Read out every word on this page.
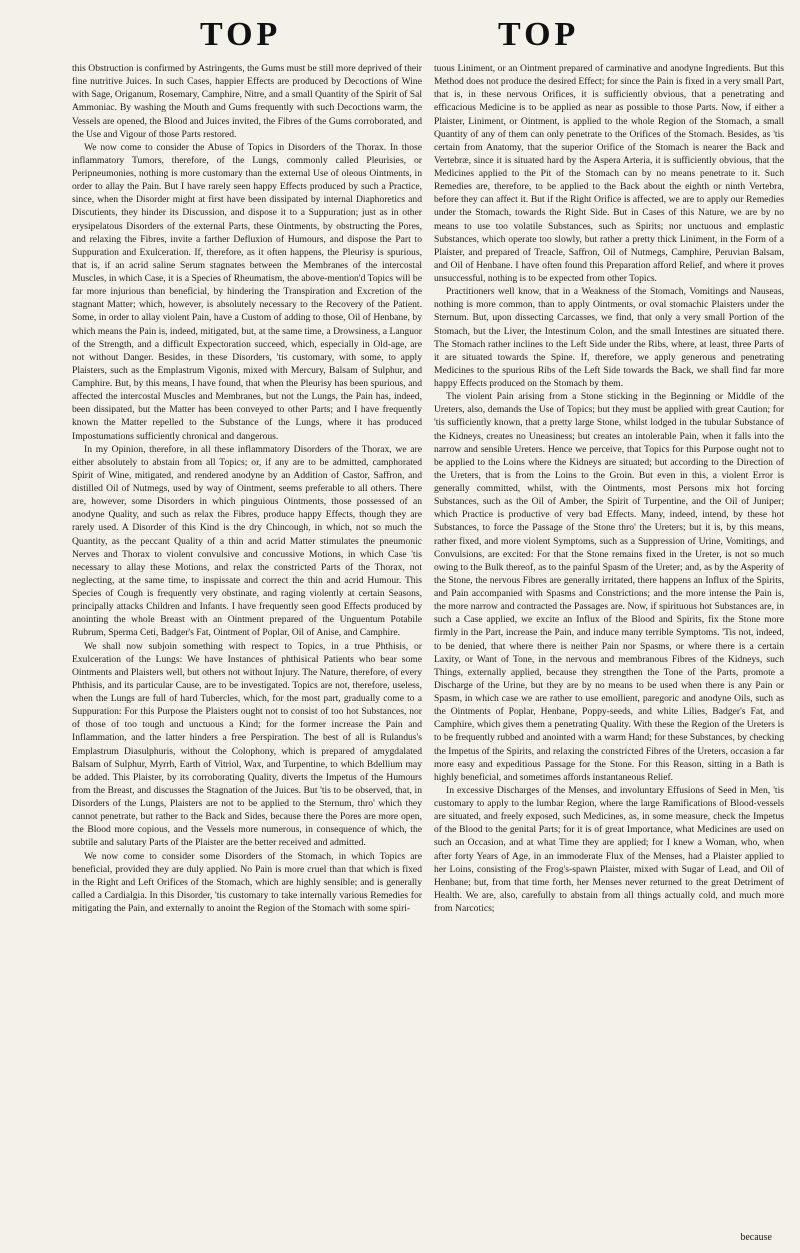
TOP	TOP

this Obstruction is confirmed by Astringents, the Gums must be still more deprived of their fine nutritive Juices. In such Cases, happier Effects are produced by Decoctions of Wine with Sage, Origanum, Rosemary, Camphire, Nitre, and a small Quantity of the Spirit of Sal Ammoniac. By washing the Mouth and Gums frequently with such Decoctions warm, the Vessels are opened, the Blood and Juices invited, the Fibres of the Gums corroborated, and the Use and Vigour of those Parts restored.

We now come to consider the Abuse of Topics in Disorders of the Thorax. In those inflammatory Tumors, therefore, of the Lungs, commonly called Pleurisies, or Peripneumonies, nothing is more customary than the external Use of oleous Ointments, in order to allay the Pain. But I have rarely seen happy Effects produced by such a Practice, since, when the Disorder might at first have been dissipated by internal Diaphoretics and Discutients, they hinder its Discussion, and dispose it to a Suppuration; just as in other erysipelatous Disorders of the external Parts, these Ointments, by obstructing the Pores, and relaxing the Fibres, invite a farther Defluxion of Humours, and dispose the Part to Suppuration and Exulceration. If, therefore, as it often happens, the Pleurisy is spurious, that is, if an acrid saline Serum stagnates between the Membranes of the intercostal Muscles, in which Case, it is a Species of Rheumatism, the above-mention'd Topics will be far more injurious than beneficial, by hindering the Transpiration and Excretion of the stagnant Matter; which, however, is absolutely necessary to the Recovery of the Patient. Some, in order to allay violent Pain, have a Custom of adding to those, Oil of Henbane, by which means the Pain is, indeed, mitigated, but, at the same time, a Drowsiness, a Languor of the Strength, and a difficult Expectoration succeed, which, especially in Old-age, are not without Danger. Besides, in these Disorders, 'tis customary, with some, to apply Plaisters, such as the Emplastrum Vigonis, mixed with Mercury, Balsam of Sulphur, and Camphire. But, by this means, I have found, that when the Pleurisy has been spurious, and affected the intercostal Muscles and Membranes, but not the Lungs, the Pain has, indeed, been dissipated, but the Matter has been conveyed to other Parts; and I have frequently known the Matter repelled to the Substance of the Lungs, where it has produced Impostumations sufficiently chronical and dangerous.

In my Opinion, therefore, in all these inflammatory Disorders of the Thorax, we are either absolutely to abstain from all Topics; or, if any are to be admitted, camphorated Spirit of Wine, mitigated, and rendered anodyne by an Addition of Castor, Saffron, and distilled Oil of Nutmegs, used by way of Ointment, seems preferable to all others. There are, however, some Disorders in which pinguious Ointments, those possessed of an anodyne Quality, and such as relax the Fibres, produce happy Effects, though they are rarely used. A Disorder of this Kind is the dry Chincough, in which, not so much the Quantity, as the peccant Quality of a thin and acrid Matter stimulates the pneumonic Nerves and Thorax to violent convulsive and concussive Motions, in which Case 'tis necessary to allay these Motions, and relax the constricted Parts of the Thorax, not neglecting, at the same time, to inspissate and correct the thin and acrid Humour. This Species of Cough is frequently very obstinate, and raging violently at certain Seasons, principally attacks Children and Infants. I have frequently seen good Effects produced by anointing the whole Breast with an Ointment prepared of the Unguentum Potabile Rubrum, Sperma Ceti, Badger's Fat, Ointment of Poplar, Oil of Anise, and Camphire.

We shall now subjoin something with respect to Topics, in a true Phthisis, or Exulceration of the Lungs: We have Instances of phthisical Patients who bear some Ointments and Plaisters well, but others not without Injury. The Nature, therefore, of every Phthisis, and its particular Cause, are to be investigated. Topics are not, therefore, useless, when the Lungs are full of hard Tubercles, which, for the most part, gradually come to a Suppuration: For this Purpose the Plaisters ought not to consist of too hot Substances, nor of those of too tough and unctuous a Kind; for the former increase the Pain and Inflammation, and the latter hinders a free Perspiration. The best of all is Rulandus's Emplastrum Diasulphuris, without the Colophony, which is prepared of amygdalated Balsam of Sulphur, Myrrh, Earth of Vitriol, Wax, and Turpentine, to which Bdellium may be added. This Plaister, by its corroborating Quality, diverts the Impetus of the Humours from the Breast, and discusses the Stagnation of the Juices. But 'tis to be observed, that, in Disorders of the Lungs, Plaisters are not to be applied to the Sternum, thro' which they cannot penetrate, but rather to the Back and Sides, because there the Pores are more open, the Blood more copious, and the Vessels more numerous, in consequence of which, the subtile and salutary Parts of the Plaister are the better received and admitted.

We now come to consider some Disorders of the Stomach, in which Topics are beneficial, provided they are duly applied. No Pain is more cruel than that which is fixed in the Right and Left Orifices of the Stomach, which are highly sensible; and is generally called a Cardialgia. In this Disorder, 'tis customary to take internally various Remedies for mitigating the Pain, and externally to anoint the Region of the Stomach with some spiri-

tuous Liniment, or an Ointment prepared of carminative and anodyne Ingredients. But this Method does not produce the desired Effect; for since the Pain is fixed in a very small Part, that is, in these nervous Orifices, it is sufficiently obvious, that a penetrating and efficacious Medicine is to be applied as near as possible to those Parts. Now, if either a Plaister, Liniment, or Ointment, is applied to the whole Region of the Stomach, a small Quantity of any of them can only penetrate to the Orifices of the Stomach. Besides, as 'tis certain from Anatomy, that the superior Orifice of the Stomach is nearer the Back and Vertebræ, since it is situated hard by the Aspera Arteria, it is sufficiently obvious, that the Medicines applied to the Pit of the Stomach can by no means penetrate to it. Such Remedies are, therefore, to be applied to the Back about the eighth or ninth Vertebra, before they can affect it. But if the Right Orifice is affected, we are to apply our Remedies under the Stomach, towards the Right Side. But in Cases of this Nature, we are by no means to use too volatile Substances, such as Spirits; nor unctuous and emplastic Substances, which operate too slowly, but rather a pretty thick Liniment, in the Form of a Plaister, and prepared of Treacle, Saffron, Oil of Nutmegs, Camphire, Peruvian Balsam, and Oil of Henbane. I have often found this Preparation afford Relief, and where it proves unsuccessful, nothing is to be expected from other Topics.

Practitioners well know, that in a Weakness of the Stomach, Vomitings and Nauseas, nothing is more common, than to apply Ointments, or oval stomachic Plaisters under the Sternum. But, upon dissecting Carcasses, we find, that only a very small Portion of the Stomach, but the Liver, the Intestinum Colon, and the small Intestines are situated there. The Stomach rather inclines to the Left Side under the Ribs, where, at least, three Parts of it are situated towards the Spine. If, therefore, we apply generous and penetrating Medicines to the spurious Ribs of the Left Side towards the Back, we shall find far more happy Effects produced on the Stomach by them.

The violent Pain arising from a Stone sticking in the Beginning or Middle of the Ureters, also, demands the Use of Topics; but they must be applied with great Caution; for 'tis sufficiently known, that a pretty large Stone, whilst lodged in the tubular Substance of the Kidneys, creates no Uneasiness; but creates an intolerable Pain, when it falls into the narrow and sensible Ureters. Hence we perceive, that Topics for this Purpose ought not to be applied to the Loins where the Kidneys are situated; but according to the Direction of the Ureters, that is from the Loins to the Groin. But even in this, a violent Error is generally committed, whilst, with the Ointments, most Persons mix hot forcing Substances, such as the Oil of Amber, the Spirit of Turpentine, and the Oil of Juniper; which Practice is productive of very bad Effects. Many, indeed, intend, by these hot Substances, to force the Passage of the Stone thro' the Ureters; but it is, by this means, rather fixed, and more violent Symptoms, such as a Suppression of Urine, Vomitings, and Convulsions, are excited: For that the Stone remains fixed in the Ureter, is not so much owing to the Bulk thereof, as to the painful Spasm of the Ureter; and, as by the Asperity of the Stone, the nervous Fibres are generally irritated, there happens an Influx of the Spirits, and Pain accompanied with Spasms and Constrictions; and the more intense the Pain is, the more narrow and contracted the Passages are. Now, if spirituous hot Substances are, in such a Case applied, we excite an Influx of the Blood and Spirits, fix the Stone more firmly in the Part, increase the Pain, and induce many terrible Symptoms. 'Tis not, indeed, to be denied, that where there is neither Pain nor Spasms, or where there is a certain Laxity, or Want of Tone, in the nervous and membranous Fibres of the Kidneys, such Things, externally applied, because they strengthen the Tone of the Parts, promote a Discharge of the Urine, but they are by no means to be used when there is any Pain or Spasm, in which case we are rather to use emollient, paregoric and anodyne Oils, such as the Ointments of Poplar, Henbane, Poppy-seeds, and white Lilies, Badger's Fat, and Camphire, which gives them a penetrating Quality. With these the Region of the Ureters is to be frequently rubbed and anointed with a warm Hand; for these Substances, by checking the Impetus of the Spirits, and relaxing the constricted Fibres of the Ureters, occasion a far more easy and expeditious Passage for the Stone. For this Reason, sitting in a Bath is highly beneficial, and sometimes affords instantaneous Relief.

In excessive Discharges of the Menses, and involuntary Effusions of Seed in Men, 'tis customary to apply to the lumbar Region, where the large Ramifications of Blood-vessels are situated, and freely exposed, such Medicines, as, in some measure, check the Impetus of the Blood to the genital Parts; for it is of great Importance, what Medicines are used on such an Occasion, and at what Time they are applied; for I knew a Woman, who, when after forty Years of Age, in an immoderate Flux of the Menses, had a Plaister applied to her Loins, consisting of the Frog's-spawn Plaister, mixed with Sugar of Lead, and Oil of Henbane; but, from that time forth, her Menses never returned to the great Detriment of Health. We are, also, carefully to abstain from all things actually cold, and much more from Narcotics;

because
